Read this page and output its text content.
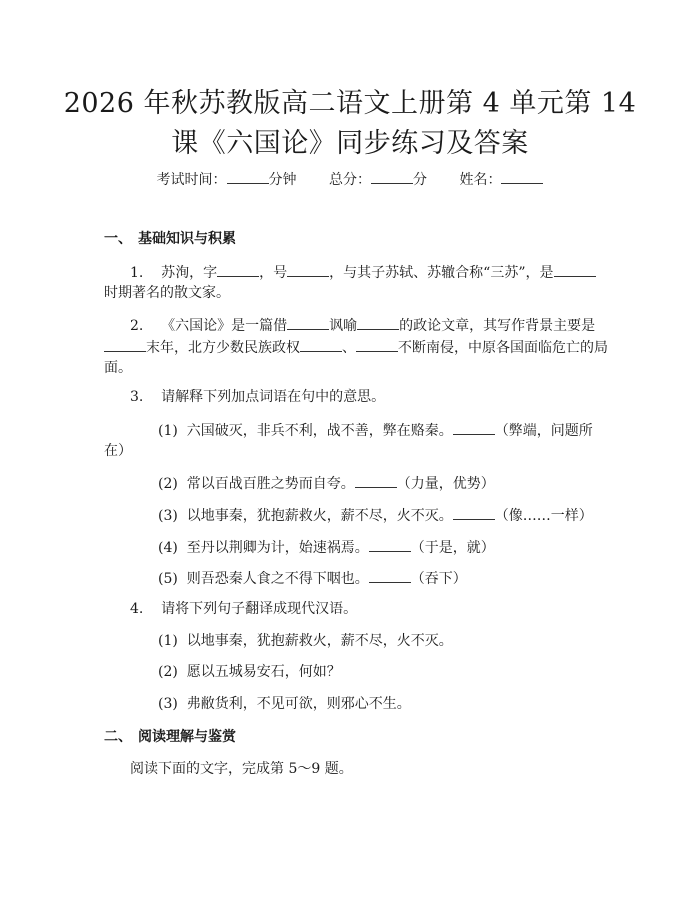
2026 年秋苏教版高二语文上册第 4 单元第 14
课《六国论》同步练习及答案
考试时间：	分钟 总分：	分 姓名：
一、 基础知识与积累
1. 苏洵，字	，号	，与其子苏轼、苏辙合称“三苏”，是
时期著名的散文家。
2. 《六国论》是一篇借	讽喻	的政论文章，其写作背景主要是
末年，北方少数民族政权	、	不断南侵，中原各国面临危亡的局
面。
3. 请解释下列加点词语在句中的意思。
(1) 六国破灭，非兵不利，战不善，弊在赂秦。	（弊端，问题所
在）
(2) 常以百战百胜之势而自夸。	（力量，优势）
(3) 以地事秦，犹抱薪救火，薪不尽，火不灭。	（像……一样）
(4) 至丹以荆卿为计，始速祸焉。	（于是，就）
(5) 则吾恐秦人食之不得下咽也。	（吞下）
4. 请将下列句子翻译成现代汉语。
(1) 以地事秦，犹抱薪救火，薪不尽，火不灭。
(2) 愿以五城易安石，何如？
(3) 弗敝货利，不见可欲，则邪心不生。
二、 阅读理解与鉴赏
阅读下面的文字，完成第 5～9 题。
